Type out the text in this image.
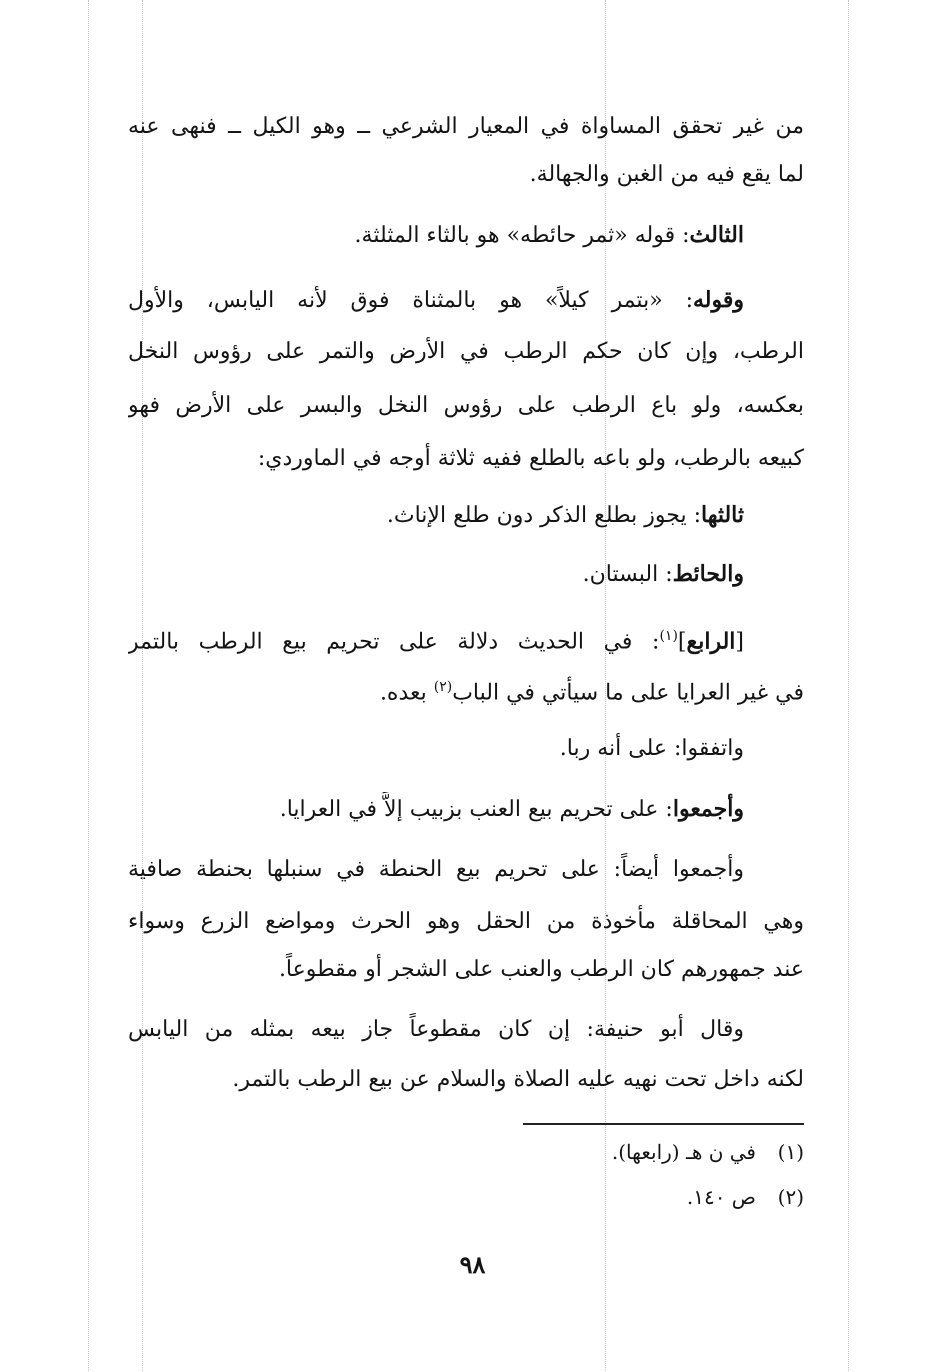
من غير تحقق المساواة في المعيار الشرعي ــ وهو الكيل ــ فنهى عنه
لما يقع فيه من الغبن والجهالة.
الثالث: قوله «ثمر حائطه» هو بالثاء المثلثة.
وقوله: «بتمر كيلاً» هو بالمثناة فوق لأنه اليابس، والأول
الرطب، وإن كان حكم الرطب في الأرض والتمر على رؤوس النخل
بعكسه، ولو باع الرطب على رؤوس النخل والبسر على الأرض فهو
كبيعه بالرطب، ولو باعه بالطلع ففيه ثلاثة أوجه في الماوردي:
ثالثها: يجوز بطلع الذكر دون طلع الإناث.
والحائط: البستان.
[الرابع]$^{(١)}$: في الحديث دلالة على تحريم بيع الرطب بالتمر
في غير العرايا على ما سيأتي في الباب$^{(٢)}$ بعده.
واتفقوا: على أنه ربا.
وأجمعوا: على تحريم بيع العنب بزبيب إلاَّ في العرايا.
وأجمعوا أيضاً: على تحريم بيع الحنطة في سنبلها بحنطة صافية
وهي المحاقلة مأخوذة من الحقل وهو الحرث ومواضع الزرع وسواء
عند جمهورهم كان الرطب والعنب على الشجر أو مقطوعاً.
وقال أبو حنيفة: إن كان مقطوعاً جاز بيعه بمثله من اليابس
لكنه داخل تحت نهيه عليه الصلاة والسلام عن بيع الرطب بالتمر.
(١)في ن هـ (رابعها).
(٢)ص ١٤٠.
٩٨
